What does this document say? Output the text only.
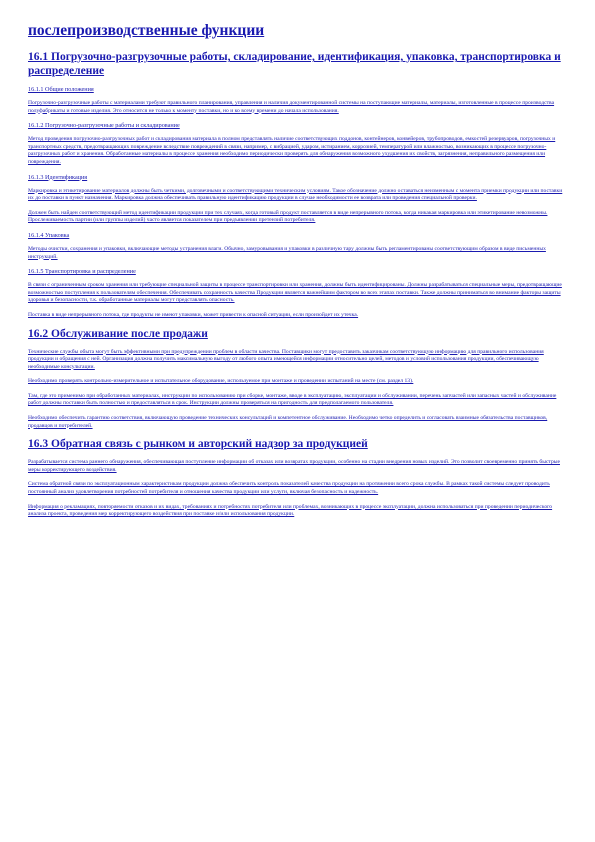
послепроизводственные функции
16.1 Погрузочно-разгрузочные работы, складирование, идентификация, упаковка, транспортировка и распределение
16.1.1 Общие положения

Погрузочно-разгрузочные работы с материалами требуют правильного планирования, управления и наличия документированной системы на поступающие материалы, материалы, изготовленные в процессе производства полуфабрикаты и готовые изделия. Это относится не только к моменту поставки, но и ко всему времени до начала использования.

16.1.2 Погрузочно-разгрузочные работы и складирование

Метод проведения погрузочно-разгрузочных работ и складирования материала в полном представлять наличие соответствующих поддонов, контейнеров, конвейеров, трубопроводов, емкостей резервуаров, погрузочных и транспортных средств, предотвращающих повреждение вследствие повреждений в связи, например, с вибрацией, ударом, истиранием, коррозией, температурой или влажностью, возникающих в процессе погрузочно-разгрузочных работ и хранения. Обработанные материалы в процессе хранения необходимо периодически проверять для обнаружения возможного ухудшения их свойств, загрязнения, неправильного размещения или повреждения.

16.1.3 Идентификация

Маркировка и этикетирование материалов должны быть четкими, долговечными и соответствующими техническим условиям. Такое обозначение должно оставаться неизменным с момента приемки продукции или поставки их до поставки в пункт назначения. Маркировка должна обеспечивать правильную идентификацию продукции в случае необходимости ее возврата или проведения специальной проверки.

Должен быть найден соответствующий метод идентификации продукции при тех случаях, когда готовый продукт поставляется в виде непрерывного потока, когда никакая маркировка или этикетирование невозможны. Прослеживаемость партии (или группы изделий) часто является показателем при предъявлении претензий потребителя.

16.1.4 Упаковка

Методы очистки, сохранения и упаковки, включающие методы устранения влаги. Обычно, замуровывания и упаковки в различную тару должны быть регламентированы соответствующим образом в виде письменных инструкций.

16.1.5 Транспортировка и распределение

В связи с ограниченным сроком хранения или требующие специальной защиты в процессе транспортировки или хранения, должны быть идентифицированы. Должны разрабатываться специальные меры, предотвращающие возможностью поступления к пользователям обеспечения. Обеспечивать сохранность качества Продукции является важнейшим фактором во всех этапах поставки. Также должны приниматься во внимание факторы защиты здоровья и безопасности, т.к. обработанные материалы могут представлять опасность.

Поставка в виде непрерывного потока, где продукты не имеют упаковки, может привести к опасной ситуации, если произойдет их утечка.

16.2 Обслуживание после продажи

Технические службы обыта могут быть эффективными при предупреждении проблем в области качества. Поставщики могут предоставить заказчикам соответствующую информацию для правильного использования продукции и обращения с ней. Организация должна получить максимальную выгоду от любого опыта имеющейся информации относительно целей, методов и условий использования продукции, обеспечивающую необходимые консультации.

Необходимо проверять контрольно-измерительное и испытательное оборудование, используемое при монтаже и проведении испытаний на месте (см. раздел 13).

Там, где это применимо при обработанных материалах, инструкции по использованию при сборке, монтаже, вводе в эксплуатацию, эксплуатации и обслуживании, перечень запчастей или запасных частей и обслуживание работ должны поставки быть полностью и предоставляться в срок. Инструкции должны проверяться на пригодность для предполагаемого пользователя.

Необходимо обеспечить гарантию соответствия, включающую проведение технических консультаций и компетентное обслуживание. Необходимо четко определить и согласовать взаимные обязательства поставщиков, продавцов и потребителей.

16.3 Обратная связь с рынком и авторский надзор за продукцией

Разрабатывается система раннего обнаружения, обеспечивающая поступление информации об отказах или возвратах продукции, особенно на стадии внедрения новых изделий. Это позволит своевременно принять быстрые меры корректирующего воздействия.

Система обратной связи по эксплуатационным характеристикам продукции должна обеспечить контроль показателей качества продукции на протяжении всего срока службы. В рамках такой системы следует проводить постоянный анализ удовлетворения потребностей потребителя и отношения качества продукции или услуги, включая безопасность и надежность.

Информация о рекламациях, повторяемости отказов и их видах, требованиях и потребностях потребителя или проблемах, возникающих в процессе эксплуатации, должна использоваться при проведении периодического анализа проекта, проведения мер корректирующего воздействия при поставке и/или использования продукции.
